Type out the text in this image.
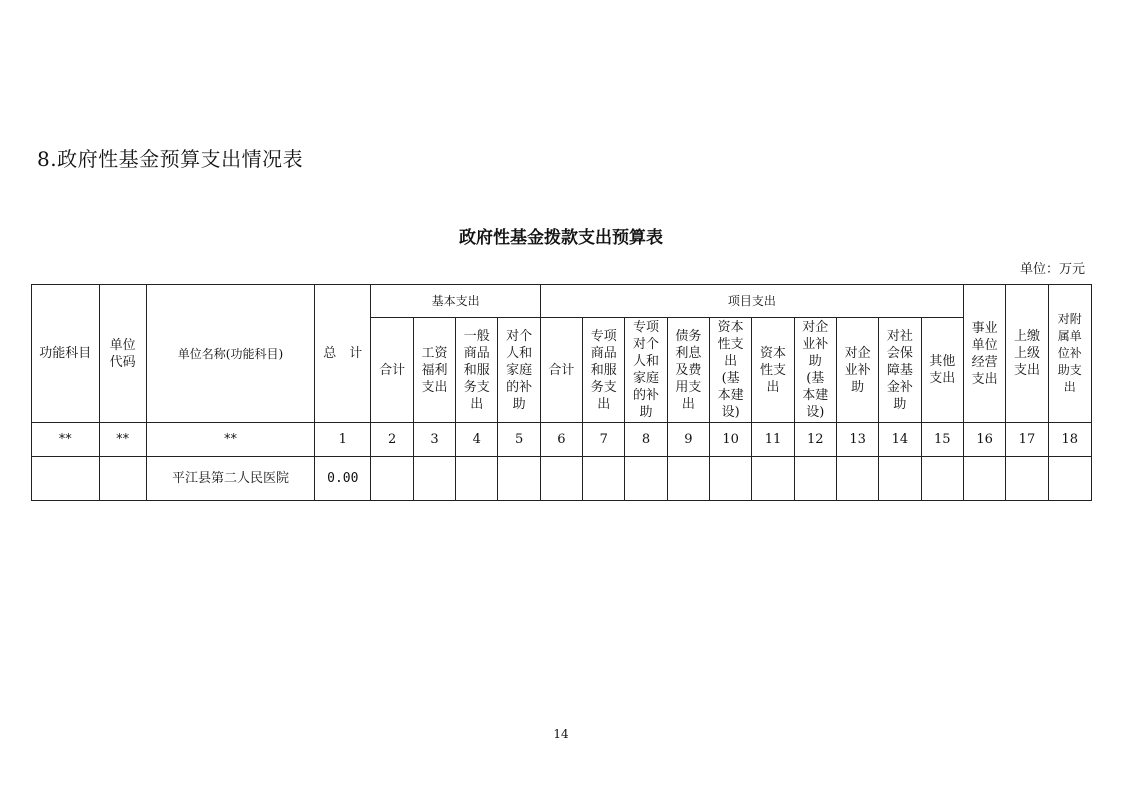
8.政府性基金预算支出情况表
政府性基金拨款支出预算表
单位：万元
功能科目	单位代码	单位名称(功能科目)	总　计	基本支出				项目支出										事业单位经营支出	上缴上级支出	对附属单位补助支出
				合计	工资福利支出	一般商品和服务支出	对个人和家庭的补助	合计	专项商品和服务支出	专项对个人和家庭的补助	债务利息及费用支出	资本性支出(基本建设)	资本性支出	对企业补助(基本建设)	对企业补助	对社会保障基金补助	其他支出			
**	**	**	1	2	3	4	5	6	7	8	9	10	11	12	13	14	15	16	17	18
		平江县第二人民医院	0.00																	
14
